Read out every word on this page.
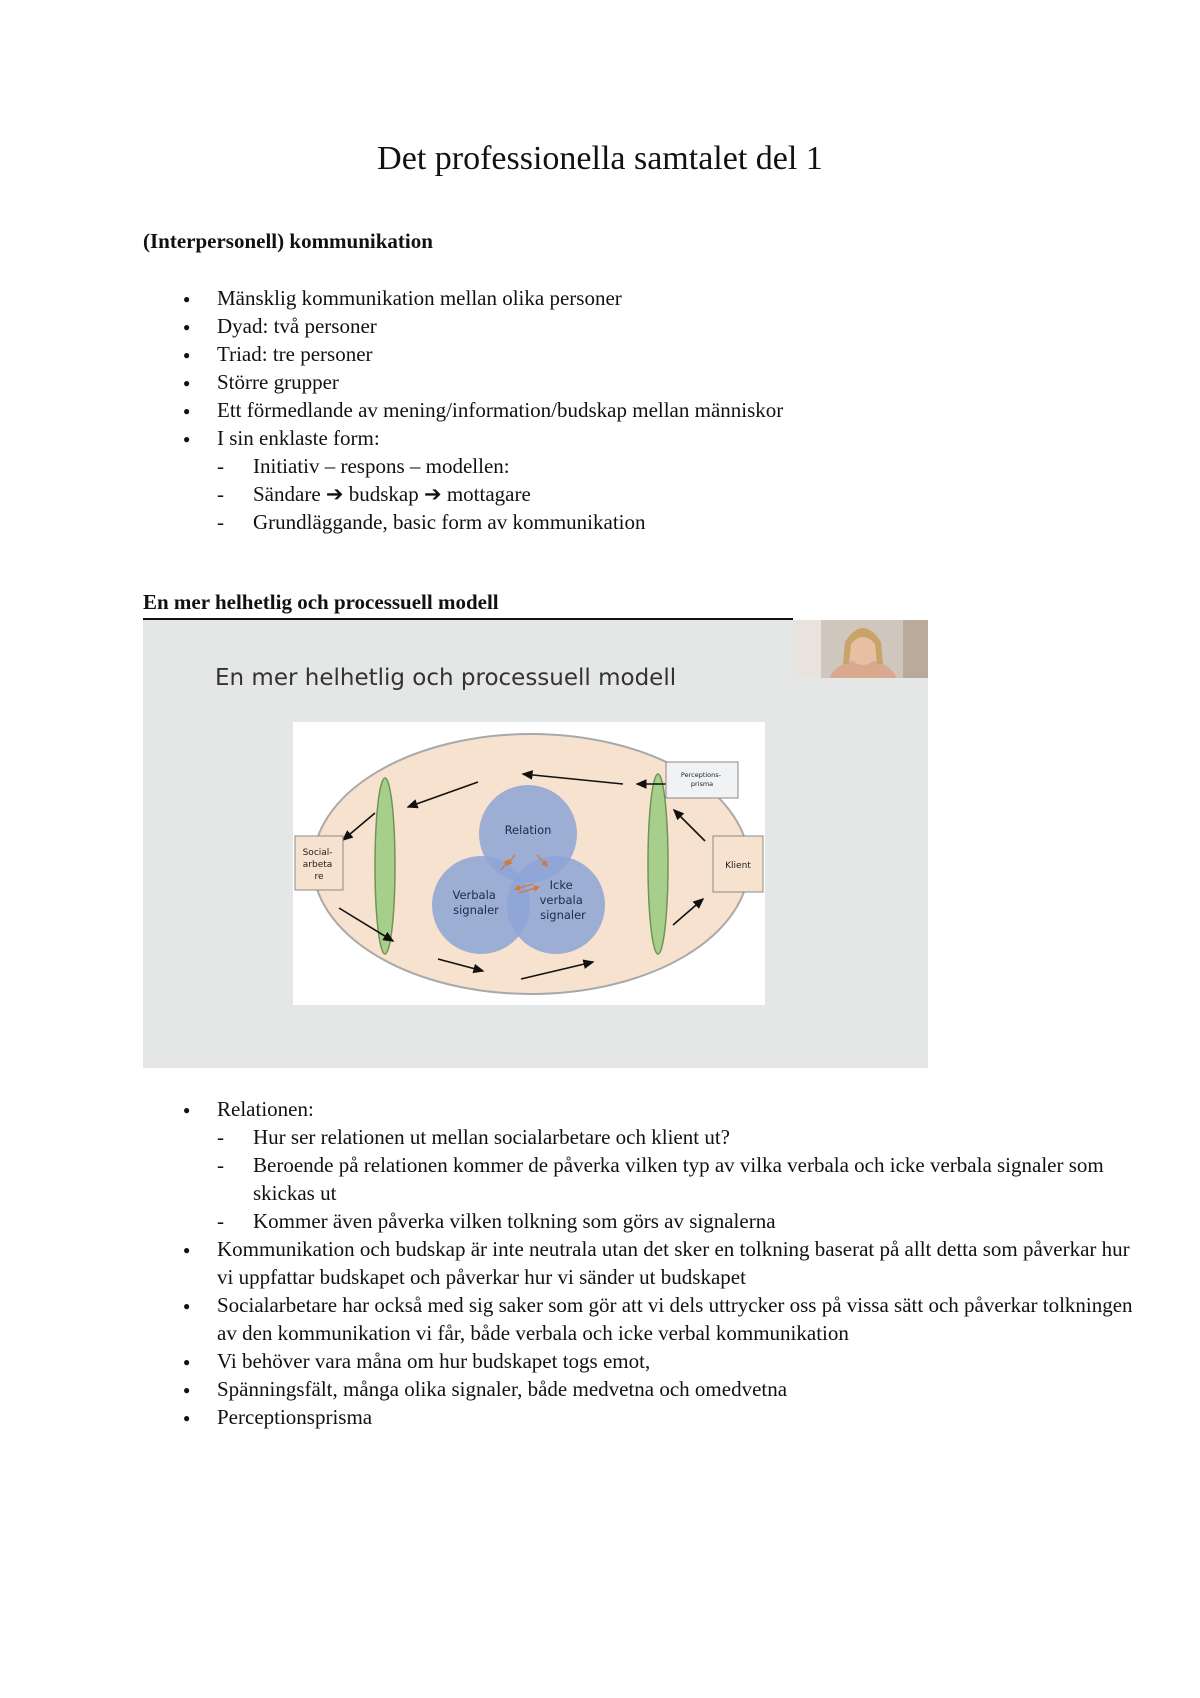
Det professionella samtalet del 1
(Interpersonell) kommunikation
● Mänsklig kommunikation mellan olika personer
● Dyad: två personer
● Triad: tre personer
● Större grupper
● Ett förmedlande av mening/information/budskap mellan människor
● I sin enklaste form:
- Initiativ – respons – modellen:
- Sändare ➔ budskap ➔ mottagare
- Grundläggande, basic form av kommunikation
En mer helhetlig och processuell modell
En mer helhetlig och processuell modell
Social- arbeta re
Klient
Perceptions- prisma
Relation
Verbala signaler
Icke verbala signaler
● Relationen:
- Hur ser relationen ut mellan socialarbetare och klient ut?
- Beroende på relationen kommer de påverka vilken typ av vilka verbala och icke verbala signaler som skickas ut
- Kommer även påverka vilken tolkning som görs av signalerna
● Kommunikation och budskap är inte neutrala utan det sker en tolkning baserat på allt detta som påverkar hur vi uppfattar budskapet och påverkar hur vi sänder ut budskapet
● Socialarbetare har också med sig saker som gör att vi dels uttrycker oss på vissa sätt och påverkar tolkningen av den kommunikation vi får, både verbala och icke verbal kommunikation
● Vi behöver vara måna om hur budskapet togs emot,
● Spänningsfält, många olika signaler, både medvetna och omedvetna
● Perceptionsprisma
